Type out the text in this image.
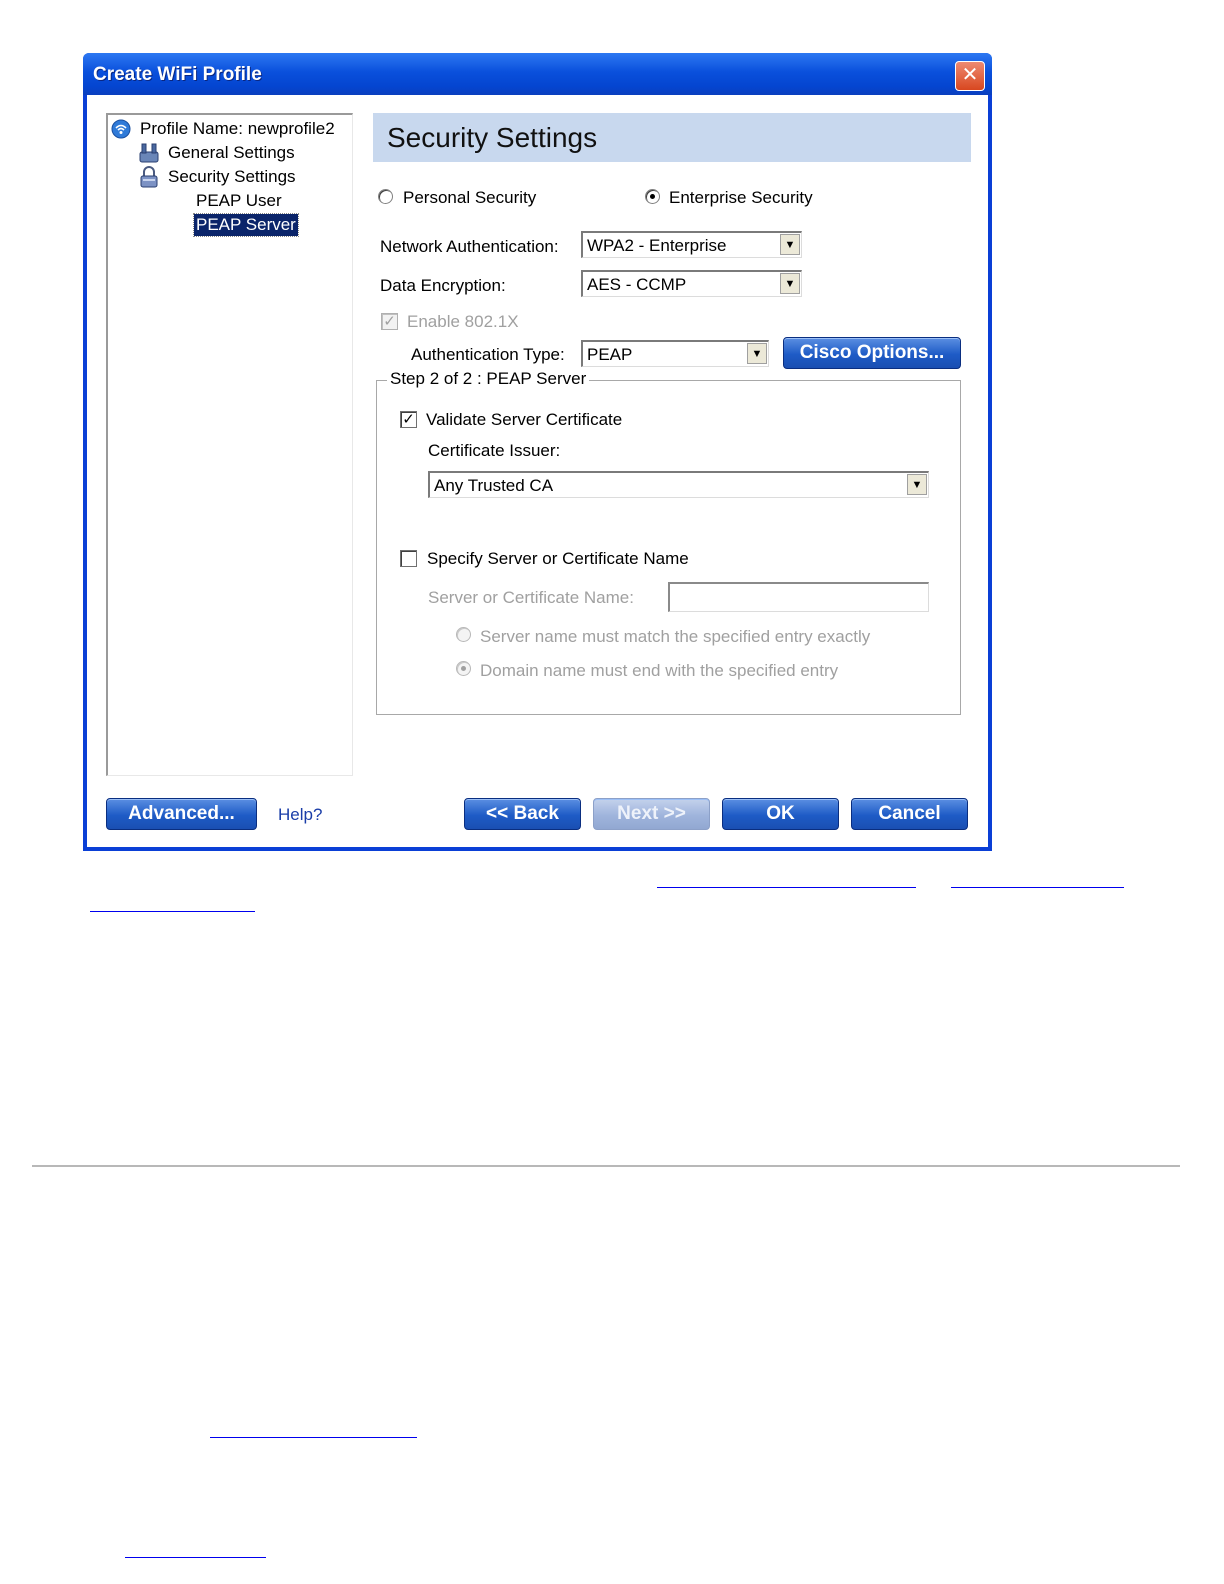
Create WiFi Profile	✕
Profile Name: newprofile2
General Settings
Security Settings
PEAP User
PEAP Server
Security Settings
Personal Security	Enterprise Security
Network Authentication: WPA2 - Enterprise	▼
Data Encryption:	AES - CCMP	▼
✓ Enable 802.1X
Authentication Type: PEAP	▼	Cisco Options...
Step 2 of 2 : PEAP Server
✓ Validate Server Certificate
Certificate Issuer:
Any Trusted CA	▼
Specify Server or Certificate Name
Server or Certificate Name:
Server name must match the specified entry exactly
Domain name must end with the specified entry
Advanced...	Help?	<< Back	Next >>	OK	Cancel
